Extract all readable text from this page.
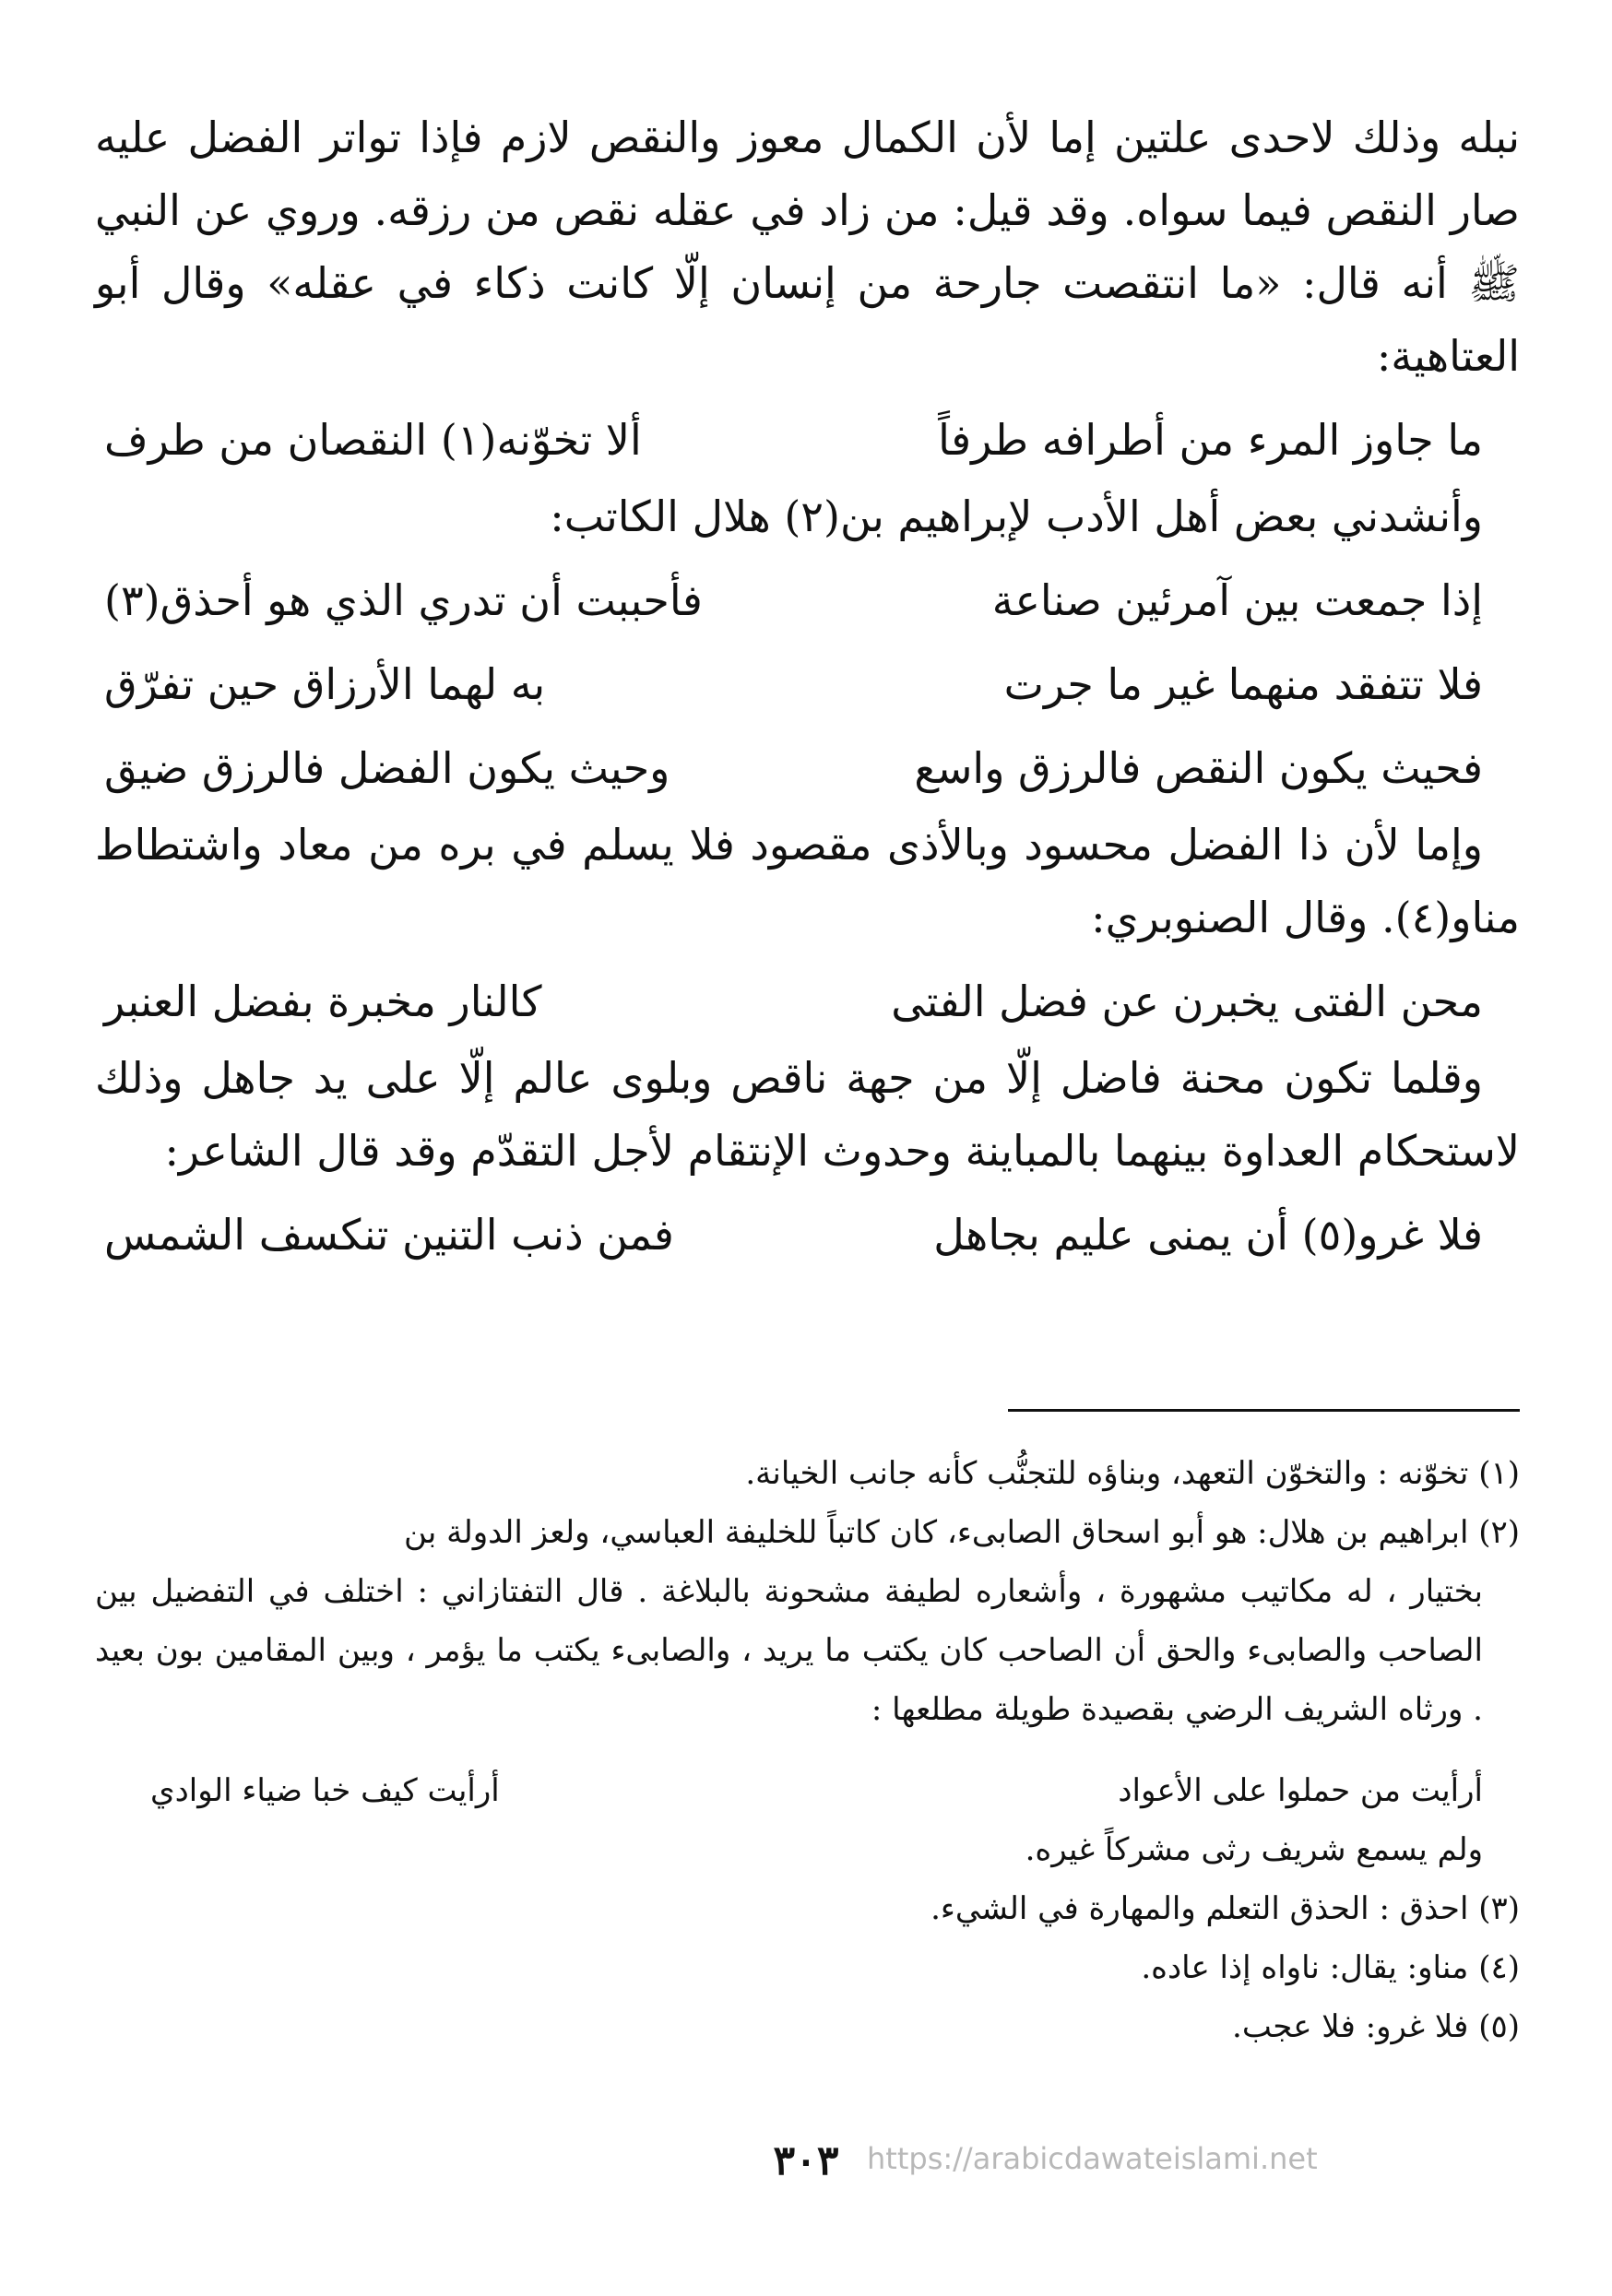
نبله وذلك لاحدى علتين إما لأن الكمال معوز والنقص لازم فإذا تواتر الفضل عليه صار النقص فيما سواه. وقد قيل: من زاد في عقله نقص من رزقه. وروي عن النبي ﷺ أنه قال: «ما انتقصت جارحة من إنسان إلّا كانت ذكاء في عقله» وقال أبو العتاهية:

ما جاوز المرء من أطرافه طرفاً
ألا تخوّنه(١) النقصان من طرف

وأنشدني بعض أهل الأدب لإبراهيم بن(٢) هلال الكاتب:

إذا جمعت بين آمرئين صناعة
فأحببت أن تدري الذي هو أحذق(٣)
فلا تتفقد منهما غير ما جرت
به لهما الأرزاق حين تفرّق
فحيث يكون النقص فالرزق واسع
وحيث يكون الفضل فالرزق ضيق

وإما لأن ذا الفضل محسود وبالأذى مقصود فلا يسلم في بره من معاد واشتطاط مناو(٤). وقال الصنوبري:

محن الفتى يخبرن عن فضل الفتى
كالنار مخبرة بفضل العنبر

وقلما تكون محنة فاضل إلّا من جهة ناقص وبلوى عالم إلّا على يد جاهل وذلك لاستحكام العداوة بينهما بالمباينة وحدوث الإنتقام لأجل التقدّم وقد قال الشاعر:

فلا غرو(٥) أن يمنى عليم بجاهل
فمن ذنب التنين تنكسف الشمس

(١) تخوّنه : والتخوّن التعهد، وبناؤه للتجنُّب كأنه جانب الخيانة.

(٢) ابراهيم بن هلال: هو أبو اسحاق الصابىء، كان كاتباً للخليفة العباسي، ولعز الدولة بن

بختيار ، له مكاتيب مشهورة ، وأشعاره لطيفة مشحونة بالبلاغة . قال التفتازاني : اختلف في التفضيل بين الصاحب والصابىء والحق أن الصاحب كان يكتب ما يريد ، والصابىء يكتب ما يؤمر ، وبين المقامين بون بعيد . ورثاه الشريف الرضي بقصيدة طويلة مطلعها :

أرأيت من حملوا على الأعواد
أرأيت كيف خبا ضياء الوادي

ولم يسمع شريف رثى مشركاً غيره.

(٣) احذق : الحذق التعلم والمهارة في الشيء.

(٤) مناو: يقال: ناواه إذا عاده.

(٥) فلا غرو: فلا عجب.

٣٠٣ https://arabicdawateislami.net
